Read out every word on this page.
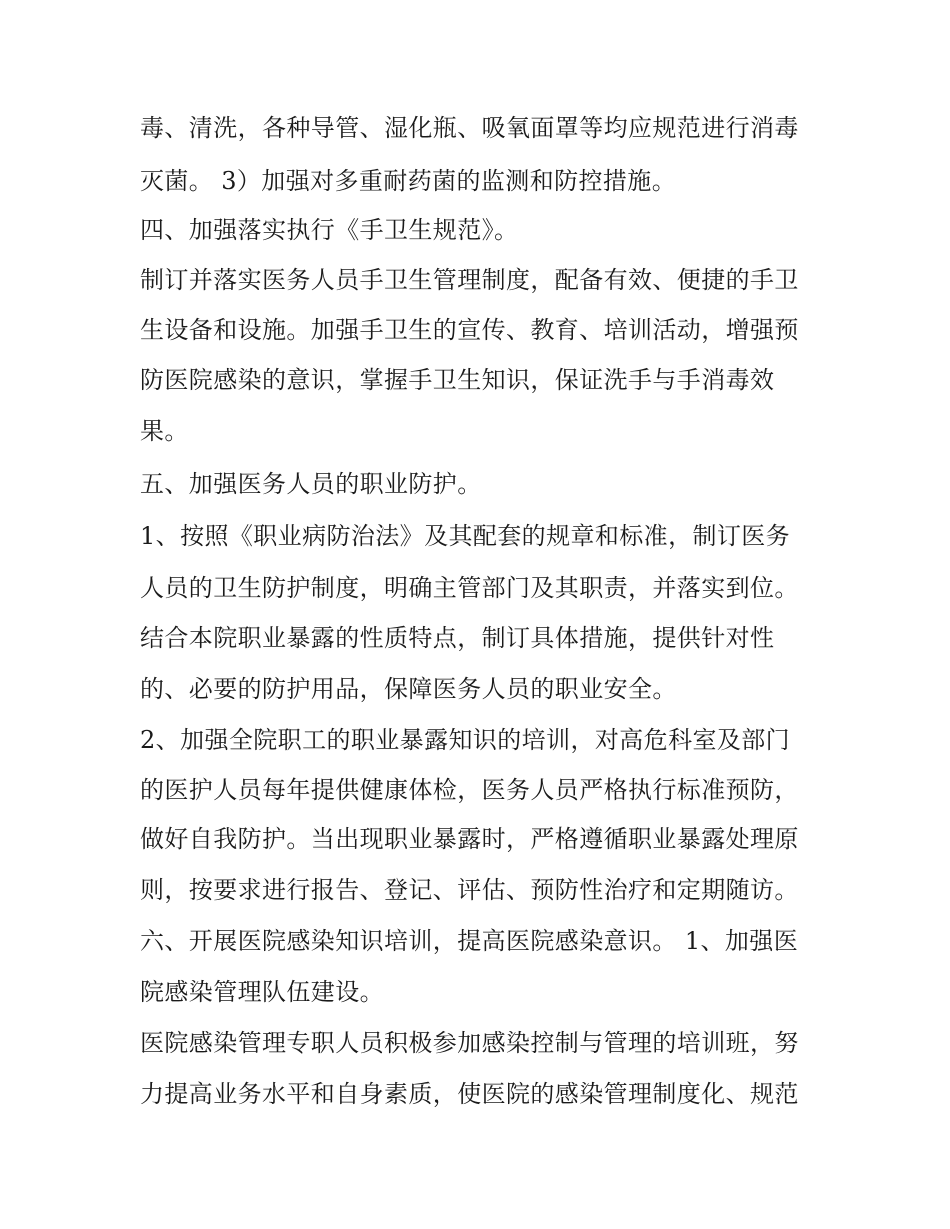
毒、清洗，各种导管、湿化瓶、吸氧面罩等均应规范进行消毒
灭菌。 3）加强对多重耐药菌的监测和防控措施。
四、加强落实执行《手卫生规范》。
制订并落实医务人员手卫生管理制度，配备有效、便捷的手卫
生设备和设施。加强手卫生的宣传、教育、培训活动，增强预
防医院感染的意识，掌握手卫生知识，保证洗手与手消毒效
果。
五、加强医务人员的职业防护。
1、按照《职业病防治法》及其配套的规章和标准，制订医务
人员的卫生防护制度，明确主管部门及其职责，并落实到位。
结合本院职业暴露的性质特点，制订具体措施，提供针对性
的、必要的防护用品，保障医务人员的职业安全。
2、加强全院职工的职业暴露知识的培训，对高危科室及部门
的医护人员每年提供健康体检，医务人员严格执行标准预防，
做好自我防护。当出现职业暴露时，严格遵循职业暴露处理原
则，按要求进行报告、登记、评估、预防性治疗和定期随访。
六、开展医院感染知识培训，提高医院感染意识。 1、加强医
院感染管理队伍建设。
医院感染管理专职人员积极参加感染控制与管理的培训班，努
力提高业务水平和自身素质，使医院的感染管理制度化、规范
